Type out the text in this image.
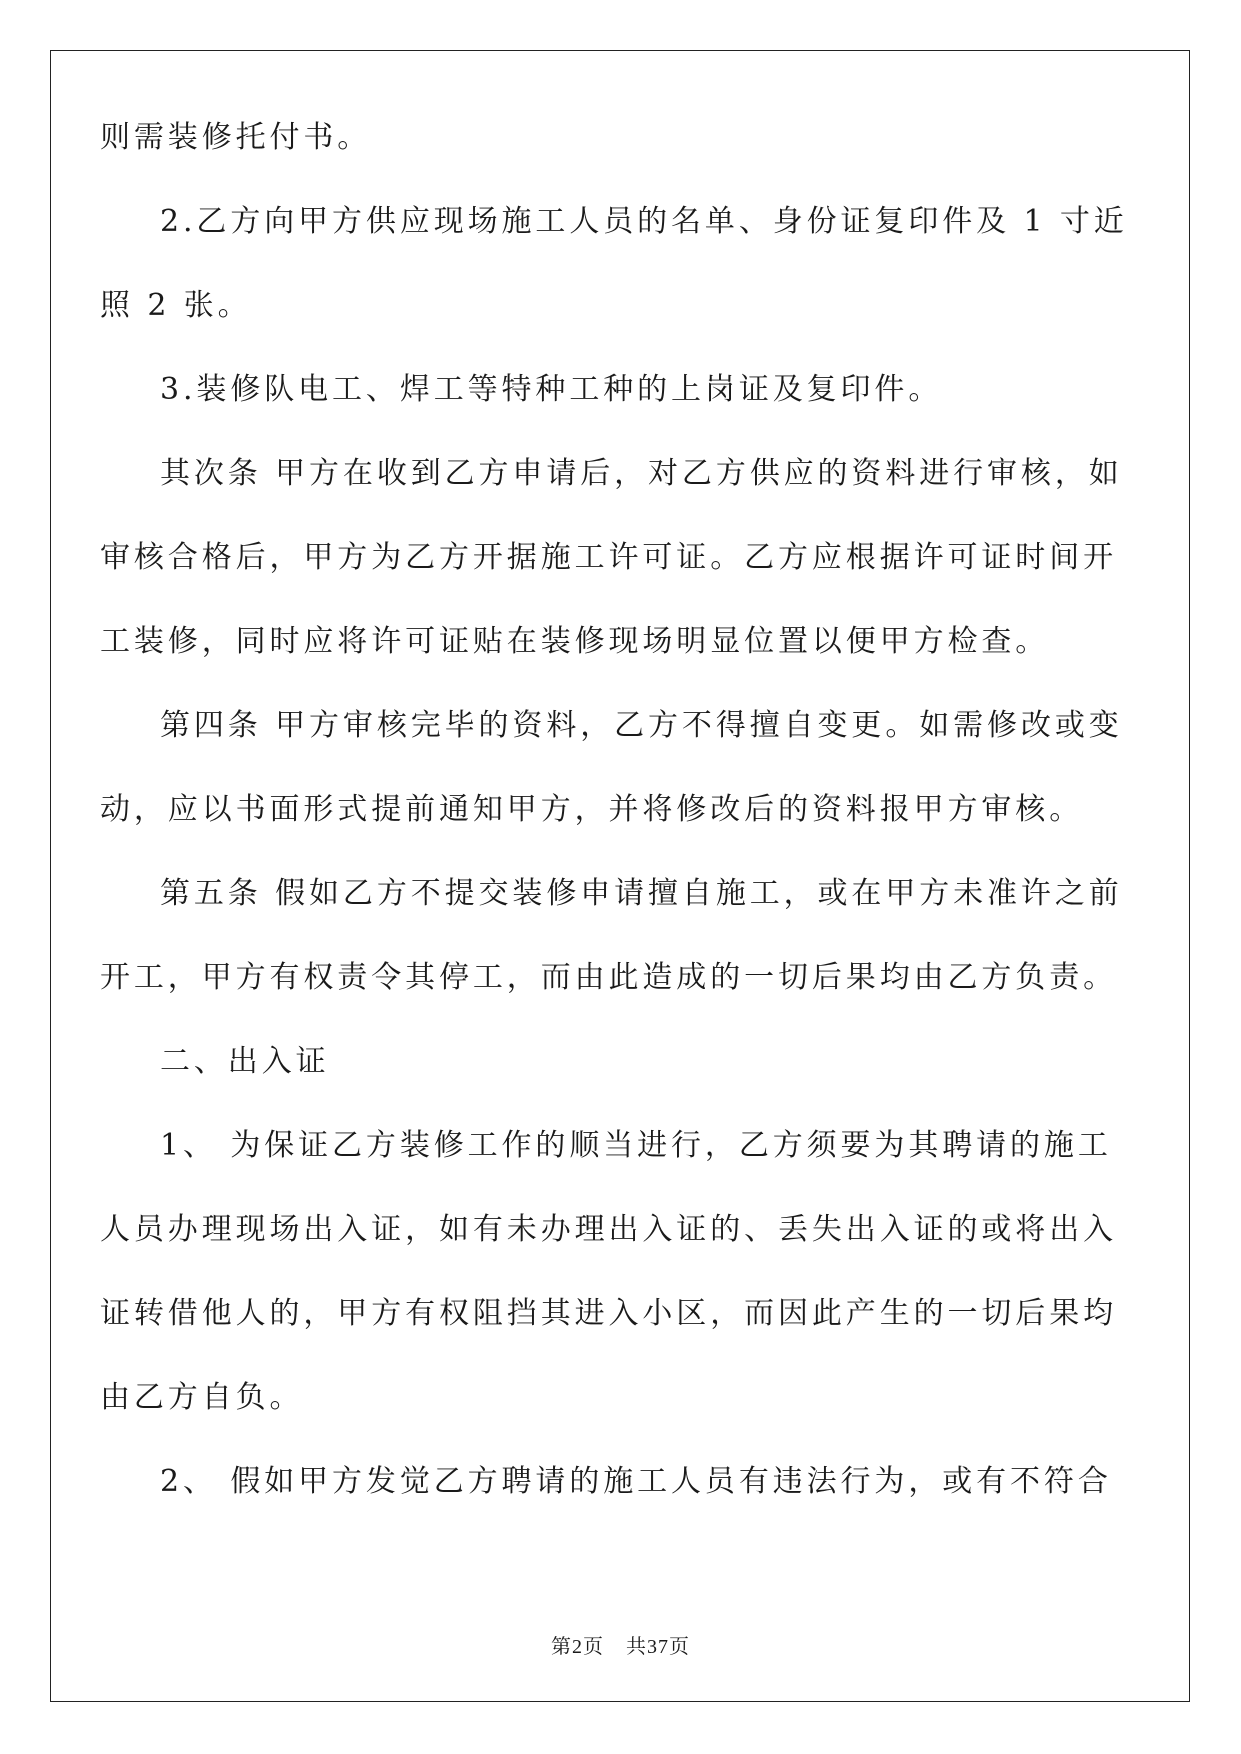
则需装修托付书。
2.乙方向甲方供应现场施工人员的名单、身份证复印件及 1 寸近
照 2 张。
3.装修队电工、焊工等特种工种的上岗证及复印件。
其次条 甲方在收到乙方申请后，对乙方供应的资料进行审核，如
审核合格后，甲方为乙方开据施工许可证。乙方应根据许可证时间开
工装修，同时应将许可证贴在装修现场明显位置以便甲方检查。
第四条 甲方审核完毕的资料，乙方不得擅自变更。如需修改或变
动，应以书面形式提前通知甲方，并将修改后的资料报甲方审核。
第五条 假如乙方不提交装修申请擅自施工，或在甲方未准许之前
开工，甲方有权责令其停工，而由此造成的一切后果均由乙方负责。
二、出入证
1、 为保证乙方装修工作的顺当进行，乙方须要为其聘请的施工
人员办理现场出入证，如有未办理出入证的、丢失出入证的或将出入
证转借他人的，甲方有权阻挡其进入小区，而因此产生的一切后果均
由乙方自负。
2、 假如甲方发觉乙方聘请的施工人员有违法行为，或有不符合
第2页 共37页
